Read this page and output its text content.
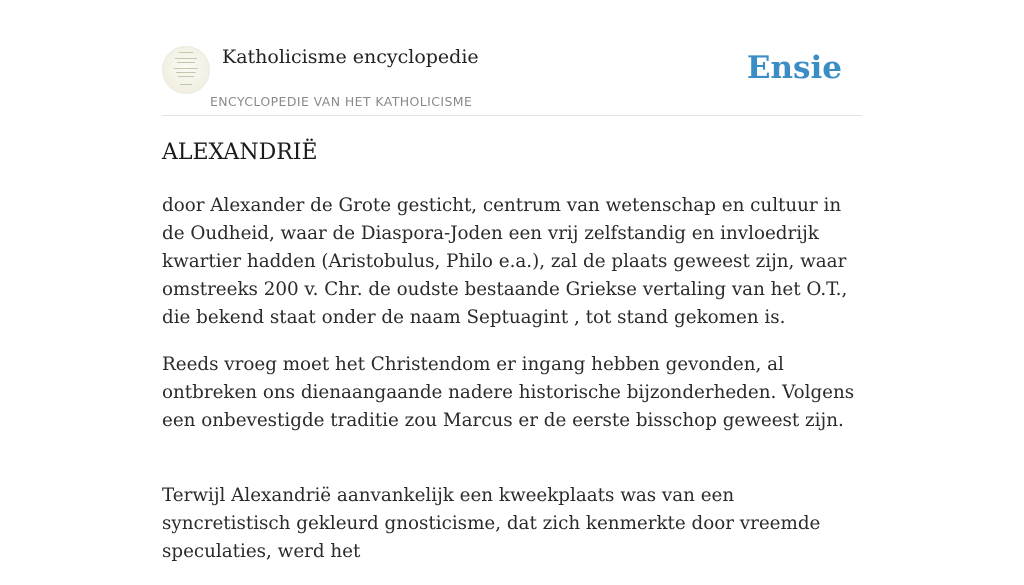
Katholicisme encyclopedie
ENCYCLOPEDIE VAN HET KATHOLICISME
Ensie
ALEXANDRIË

door Alexander de Grote gesticht, centrum van wetenschap en cultuur in de Oudheid, waar de Diaspora-Joden een vrij zelfstandig en invloedrijk kwartier hadden (Aristobulus, Philo e.a.), zal de plaats geweest zijn, waar omstreeks 200 v. Chr. de oudste bestaande Griekse vertaling van het O.T., die bekend staat onder de naam Septuagint , tot stand gekomen is.

Reeds vroeg moet het Christendom er ingang hebben gevonden, al ontbreken ons dienaangaande nadere historische bijzonderheden. Volgens een onbevestigde traditie zou Marcus er de eerste bisschop geweest zijn.

Terwijl Alexandrië aanvankelijk een kweekplaats was van een syncretistisch gekleurd gnosticisme, dat zich kenmerkte door vreemde speculaties, werd het
